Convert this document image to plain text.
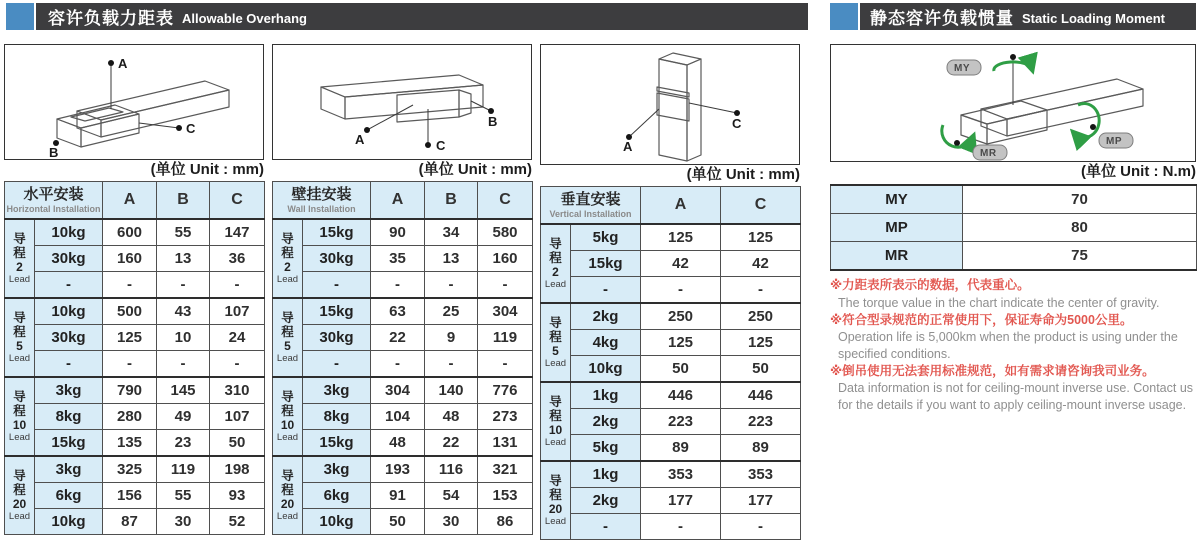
容许负载力距表 Allowable Overhang	静态容许负载惯量 Static Loading Moment
A
C
B
(单位 Unit : mm)
水平安装
Horizontal Installation		A	B	C

导
程
2
Lead	10kg	600	55	147
	30kg	160	13	36
	-	-	-	-

导
程
5
Lead	10kg	500	43	107
	30kg	125	10	24
	-	-	-	-

导
程
10
Lead	3kg	790	145	310
	8kg	280	49	107
	15kg	135	23	50

导
程
20
Lead	3kg	325	119	198
	6kg	156	55	93
	10kg	87	30	52
A
B
C
(单位 Unit : mm)
壁挂安装
Wall Installation		A	B	C

导
程
2
Lead	15kg	90	34	580
	30kg	35	13	160
	-	-	-	-

导
程
5
Lead	15kg	63	25	304
	30kg	22	9	119
	-	-	-	-

导
程
10
Lead	3kg	304	140	776
	8kg	104	48	273
	15kg	48	22	131

导
程
20
Lead	3kg	193	116	321
	6kg	91	54	153
	10kg	50	30	86
A
C
(单位 Unit : mm)
垂直安装
Vertical Installation		A	C

导
程
2
Lead	5kg	125	125
	15kg	42	42
	-	-	-

导
程
5
Lead	2kg	250	250
	4kg	125	125
	10kg	50	50

导
程
10
Lead	1kg	446	446
	2kg	223	223
	5kg	89	89

导
程
20
Lead	1kg	353	353
	2kg	177	177
	-	-	-
MY
MP
MR
(单位 Unit : N.m)
MY	70
MP	80
MR	75
※力距表所表示的数据，代表重心。
The torque value in the chart indicate the center of gravity.
※符合型录规范的正常使用下，保证寿命为5000公里。
Operation life is 5,000km when the product is using under the specified conditions.
※倒吊使用无法套用标准规范，如有需求请咨询我司业务。
Data information is not for ceiling-mount inverse use. Contact us for the details if you want to apply ceiling-mount inverse usage.
